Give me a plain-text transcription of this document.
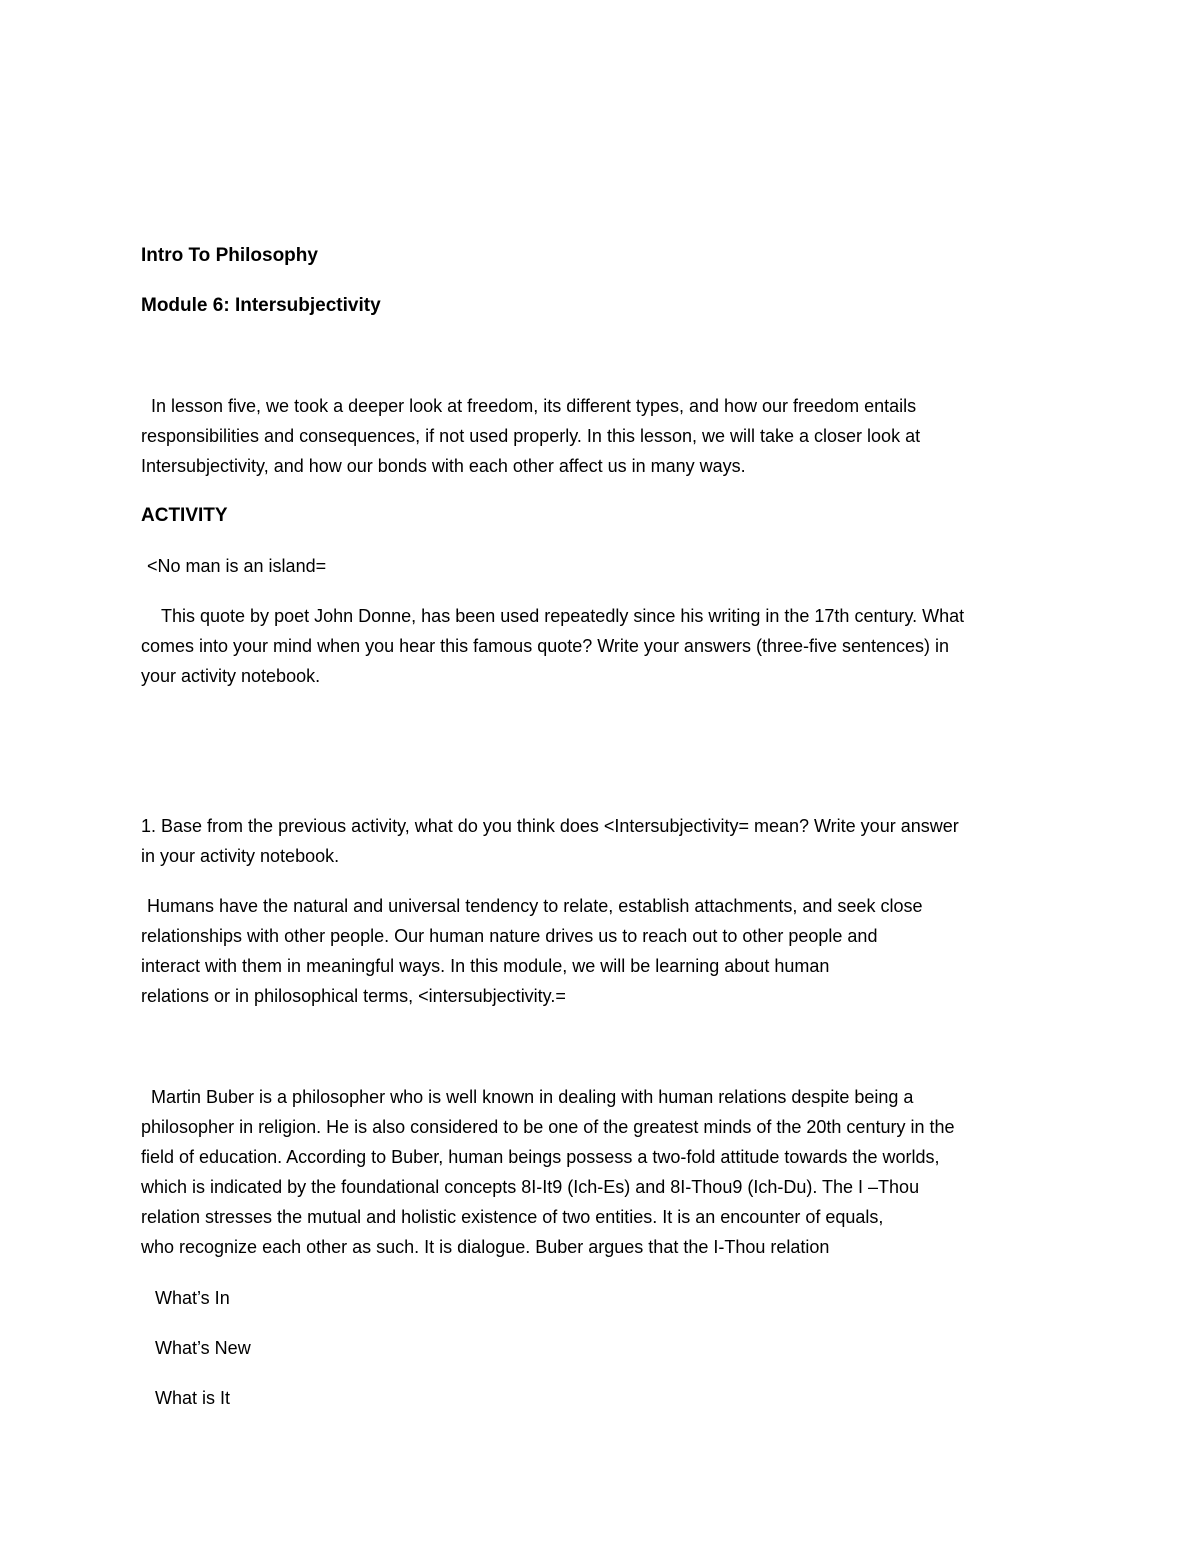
Intro To Philosophy

Module 6: Intersubjectivity

In lesson five, we took a deeper look at freedom, its different types, and how our freedom entails

responsibilities and consequences, if not used properly. In this lesson, we will take a closer look at

Intersubjectivity, and how our bonds with each other affect us in many ways.

ACTIVITY

<No man is an island=

This quote by poet John Donne, has been used repeatedly since his writing in the 17th century. What

comes into your mind when you hear this famous quote? Write your answers (three-five sentences) in

your activity notebook.

1. Base from the previous activity, what do you think does <Intersubjectivity= mean? Write your answer

in your activity notebook.

Humans have the natural and universal tendency to relate, establish attachments, and seek close

relationships with other people. Our human nature drives us to reach out to other people and

interact with them in meaningful ways. In this module, we will be learning about human

relations or in philosophical terms, <intersubjectivity.=

Martin Buber is a philosopher who is well known in dealing with human relations despite being a

philosopher in religion. He is also considered to be one of the greatest minds of the 20th century in the

field of education. According to Buber, human beings possess a two-fold attitude towards the worlds,

which is indicated by the foundational concepts 8I-It9 (Ich-Es) and 8I-Thou9 (Ich-Du). The I –Thou

relation stresses the mutual and holistic existence of two entities. It is an encounter of equals,

who recognize each other as such. It is dialogue. Buber argues that the I-Thou relation

What’s In

What’s New

What is It
